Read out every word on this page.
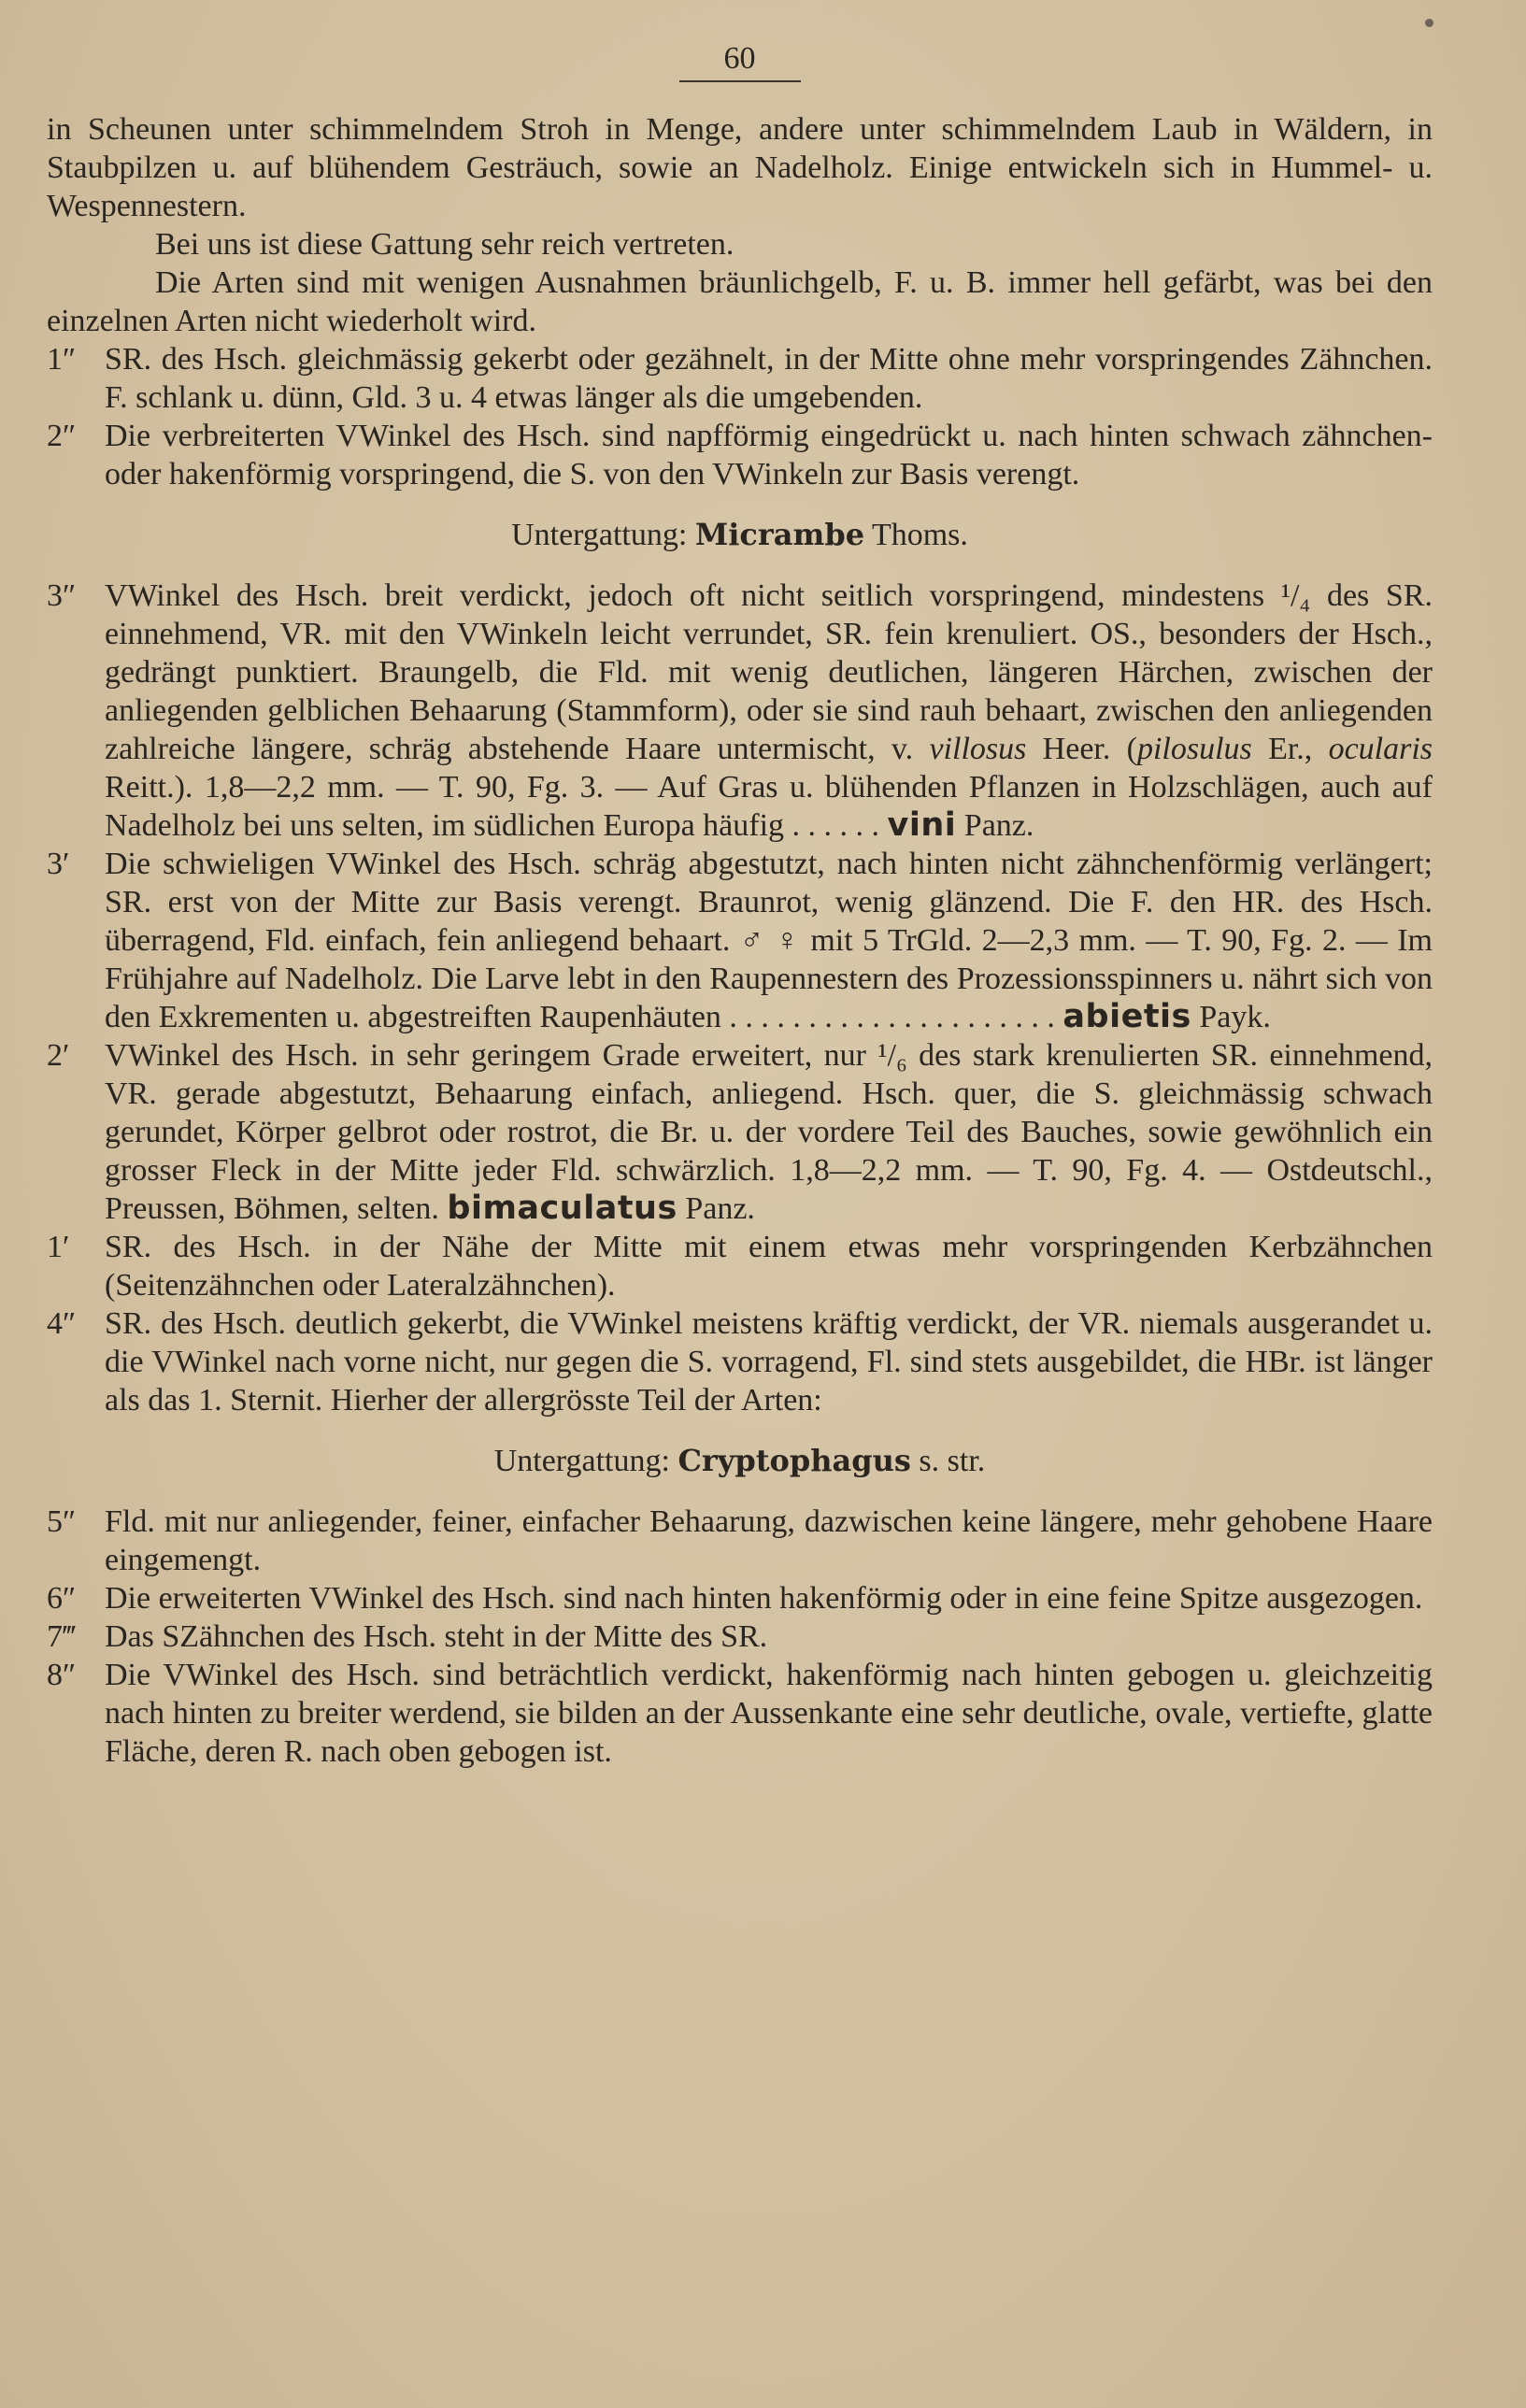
60

in Scheunen unter schimmelndem Stroh in Menge, andere unter schimmelndem Laub in Wäldern, in Staubpilzen u. auf blühendem Gesträuch, sowie an Nadelholz. Einige entwickeln sich in Hummel- u. Wespennestern.

Bei uns ist diese Gattung sehr reich vertreten.

Die Arten sind mit wenigen Ausnahmen bräunlichgelb, F. u. B. immer hell gefärbt, was bei den einzelnen Arten nicht wiederholt wird.

1″ SR. des Hsch. gleichmässig gekerbt oder gezähnelt, in der Mitte ohne mehr vorspringendes Zähnchen. F. schlank u. dünn, Gld. 3 u. 4 etwas länger als die umgebenden.

2″ Die verbreiterten VWinkel des Hsch. sind napfförmig eingedrückt u. nach hinten schwach zähnchen- oder hakenförmig vorspringend, die S. von den VWinkeln zur Basis verengt.

Untergattung: Micrambe Thoms.

3″ VWinkel des Hsch. breit verdickt, jedoch oft nicht seitlich vorspringend, mindestens ¹/₄ des SR. einnehmend, VR. mit den VWinkeln leicht verrundet, SR. fein krenuliert. OS., besonders der Hsch., gedrängt punktiert. Braungelb, die Fld. mit wenig deutlichen, längeren Härchen, zwischen der anliegenden gelblichen Behaarung (Stammform), oder sie sind rauh behaart, zwischen den anliegenden zahlreiche längere, schräg abstehende Haare untermischt, v. villosus Heer. (pilosulus Er., ocularis Reitt.). 1,8—2,2 mm. — T. 90, Fg. 3. — Auf Gras u. blühenden Pflanzen in Holzschlägen, auch auf Nadelholz bei uns selten, im südlichen Europa häufig . . . . . . vini Panz.

3′ Die schwieligen VWinkel des Hsch. schräg abgestutzt, nach hinten nicht zähnchenförmig verlängert; SR. erst von der Mitte zur Basis verengt. Braunrot, wenig glänzend. Die F. den HR. des Hsch. überragend, Fld. einfach, fein anliegend behaart. ♂ ♀ mit 5 TrGld. 2—2,3 mm. — T. 90, Fg. 2. — Im Frühjahre auf Nadelholz. Die Larve lebt in den Raupennestern des Prozessionsspinners u. nährt sich von den Exkrementen u. abgestreiften Raupenhäuten . . . . . . . . . . . . . . . . . . . . . abietis Payk.

2′ VWinkel des Hsch. in sehr geringem Grade erweitert, nur ¹/₆ des stark krenulierten SR. einnehmend, VR. gerade abgestutzt, Behaarung einfach, anliegend. Hsch. quer, die S. gleichmässig schwach gerundet, Körper gelbrot oder rostrot, die Br. u. der vordere Teil des Bauches, sowie gewöhnlich ein grosser Fleck in der Mitte jeder Fld. schwärzlich. 1,8—2,2 mm. — T. 90, Fg. 4. — Ostdeutschl., Preussen, Böhmen, selten. bimaculatus Panz.

1′ SR. des Hsch. in der Nähe der Mitte mit einem etwas mehr vorspringenden Kerbzähnchen (Seitenzähnchen oder Lateralzähnchen).

4″ SR. des Hsch. deutlich gekerbt, die VWinkel meistens kräftig verdickt, der VR. niemals ausgerandet u. die VWinkel nach vorne nicht, nur gegen die S. vorragend, Fl. sind stets ausgebildet, die HBr. ist länger als das 1. Sternit. Hierher der allergrösste Teil der Arten:

Untergattung: Cryptophagus s. str.

5″ Fld. mit nur anliegender, feiner, einfacher Behaarung, dazwischen keine längere, mehr gehobene Haare eingemengt.

6″ Die erweiterten VWinkel des Hsch. sind nach hinten hakenförmig oder in eine feine Spitze ausgezogen.

7‴ Das SZähnchen des Hsch. steht in der Mitte des SR.

8″ Die VWinkel des Hsch. sind beträchtlich verdickt, hakenförmig nach hinten gebogen u. gleichzeitig nach hinten zu breiter werdend, sie bilden an der Aussenkante eine sehr deutliche, ovale, vertiefte, glatte Fläche, deren R. nach oben gebogen ist.
